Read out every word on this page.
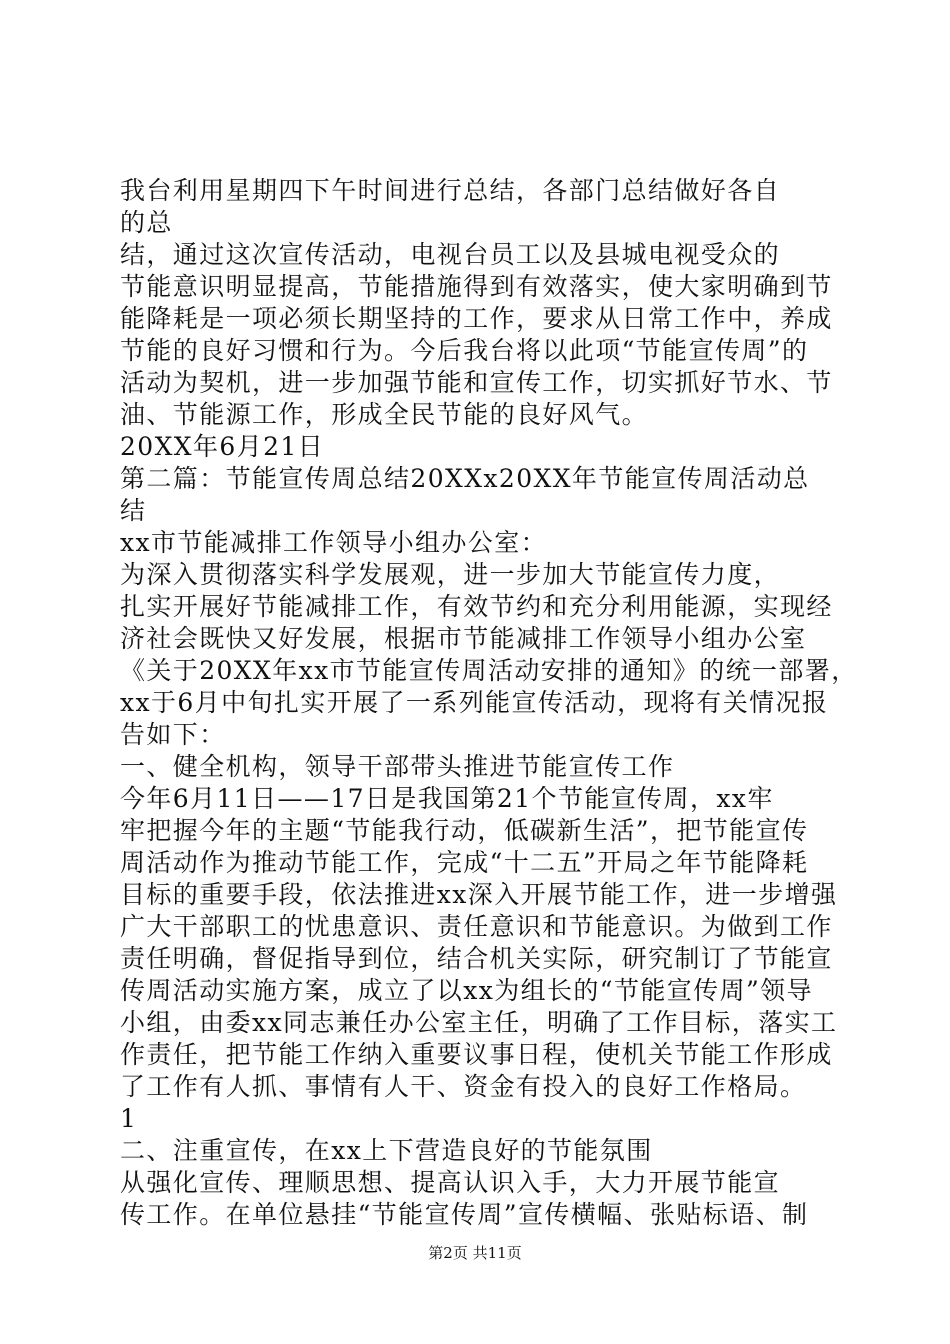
我台利用星期四下午时间进行总结，各部门总结做好各自
的总
结，通过这次宣传活动，电视台员工以及县城电视受众的
节能意识明显提高，节能措施得到有效落实，使大家明确到节
能降耗是一项必须长期坚持的工作，要求从日常工作中，养成
节能的良好习惯和行为。今后我台将以此项“节能宣传周”的
活动为契机，进一步加强节能和宣传工作，切实抓好节水、节
油、节能源工作，形成全民节能的良好风气。
20XX年6月21日
第二篇：节能宣传周总结20XXx20XX年节能宣传周活动总
结
xx市节能减排工作领导小组办公室：
为深入贯彻落实科学发展观，进一步加大节能宣传力度，
扎实开展好节能减排工作，有效节约和充分利用能源，实现经
济社会既快又好发展，根据市节能减排工作领导小组办公室
《关于20XX年xx市节能宣传周活动安排的通知》的统一部署，
xx于6月中旬扎实开展了一系列能宣传活动，现将有关情况报
告如下：
一、健全机构，领导干部带头推进节能宣传工作
今年6月11日——17日是我国第21个节能宣传周，xx牢
牢把握今年的主题“节能我行动，低碳新生活”，把节能宣传
周活动作为推动节能工作，完成“十二五”开局之年节能降耗
目标的重要手段，依法推进xx深入开展节能工作，进一步增强
广大干部职工的忧患意识、责任意识和节能意识。为做到工作
责任明确，督促指导到位，结合机关实际，研究制订了节能宣
传周活动实施方案，成立了以xx为组长的“节能宣传周”领导
小组，由委xx同志兼任办公室主任，明确了工作目标，落实工
作责任，把节能工作纳入重要议事日程，使机关节能工作形成
了工作有人抓、事情有人干、资金有投入的良好工作格局。
1
二、注重宣传，在xx上下营造良好的节能氛围
从强化宣传、理顺思想、提高认识入手，大力开展节能宣
传工作。在单位悬挂“节能宣传周”宣传横幅、张贴标语、制
第2页 共11页
